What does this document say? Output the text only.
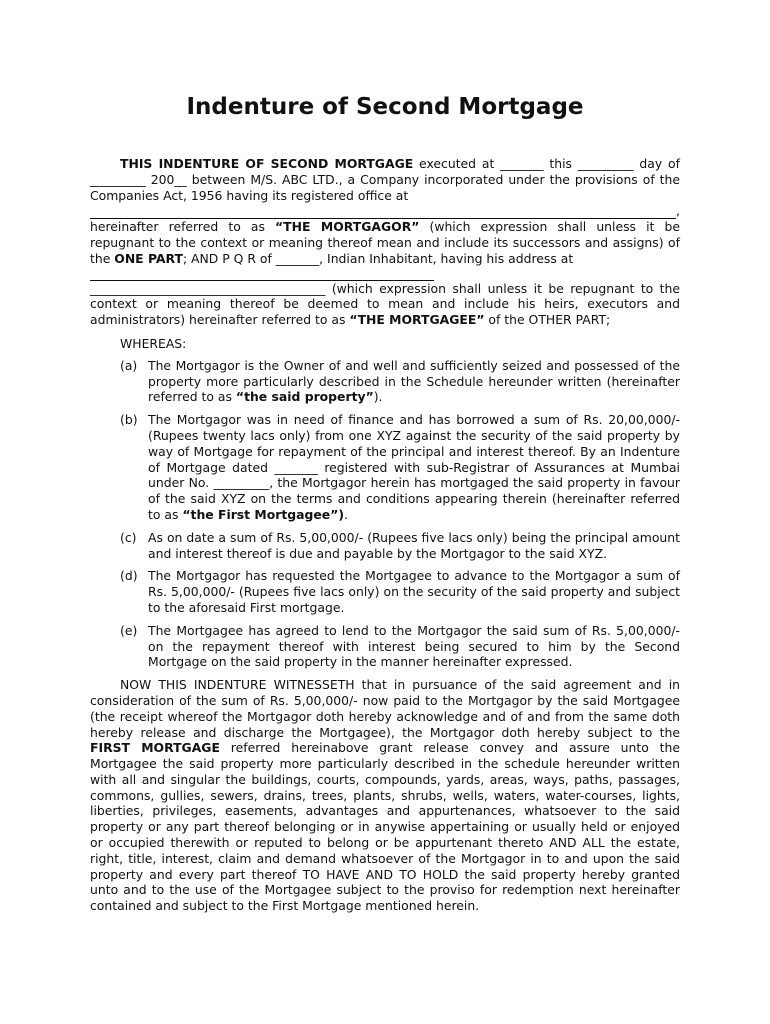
Indenture of Second Mortgage

THIS INDENTURE OF SECOND MORTGAGE executed at _______ this _________ day of _________ 200__ between M/S. ABC LTD., a Company incorporated under the provisions of the Companies Act, 1956 having its registered office at

,

hereinafter referred to as “THE MORTGAGOR” (which expression shall unless it be repugnant to the context or meaning thereof mean and include its successors and assigns) of the ONE PART; AND P Q R of _______, Indian Inhabitant, having his address at

______________________________________ (which expression shall unless it be repugnant to the context or meaning thereof be deemed to mean and include his heirs, executors and administrators) hereinafter referred to as “THE MORTGAGEE” of the OTHER PART;

WHEREAS:
(a) The Mortgagor is the Owner of and well and sufficiently seized and possessed of the property more particularly described in the Schedule hereunder written (hereinafter referred to as “the said property”).
(b) The Mortgagor was in need of finance and has borrowed a sum of Rs. 20,00,000/- (Rupees twenty lacs only) from one XYZ against the security of the said property by way of Mortgage for repayment of the principal and interest thereof. By an Indenture of Mortgage dated _______ registered with sub-Registrar of Assurances at Mumbai under No. _________, the Mortgagor herein has mortgaged the said property in favour of the said XYZ on the terms and conditions appearing therein (hereinafter referred to as “the First Mortgagee”).
(c) As on date a sum of Rs. 5,00,000/- (Rupees five lacs only) being the principal amount and interest thereof is due and payable by the Mortgagor to the said XYZ.
(d) The Mortgagor has requested the Mortgagee to advance to the Mortgagor a sum of Rs. 5,00,000/- (Rupees five lacs only) on the security of the said property and subject to the aforesaid First mortgage.
(e) The Mortgagee has agreed to lend to the Mortgagor the said sum of Rs. 5,00,000/- on the repayment thereof with interest being secured to him by the Second Mortgage on the said property in the manner hereinafter expressed.

NOW THIS INDENTURE WITNESSETH that in pursuance of the said agreement and in consideration of the sum of Rs. 5,00,000/- now paid to the Mortgagor by the said Mortgagee (the receipt whereof the Mortgagor doth hereby acknowledge and of and from the same doth hereby release and discharge the Mortgagee), the Mortgagor doth hereby subject to the FIRST MORTGAGE referred hereinabove grant release convey and assure unto the Mortgagee the said property more particularly described in the schedule hereunder written with all and singular the buildings, courts, compounds, yards, areas, ways, paths, passages, commons, gullies, sewers, drains, trees, plants, shrubs, wells, waters, water-courses, lights, liberties, privileges, easements, advantages and appurtenances, whatsoever to the said property or any part thereof belonging or in anywise appertaining or usually held or enjoyed or occupied therewith or reputed to belong or be appurtenant thereto AND ALL the estate, right, title, interest, claim and demand whatsoever of the Mortgagor in to and upon the said property and every part thereof TO HAVE AND TO HOLD the said property hereby granted unto and to the use of the Mortgagee subject to the proviso for redemption next hereinafter contained and subject to the First Mortgage mentioned herein.
